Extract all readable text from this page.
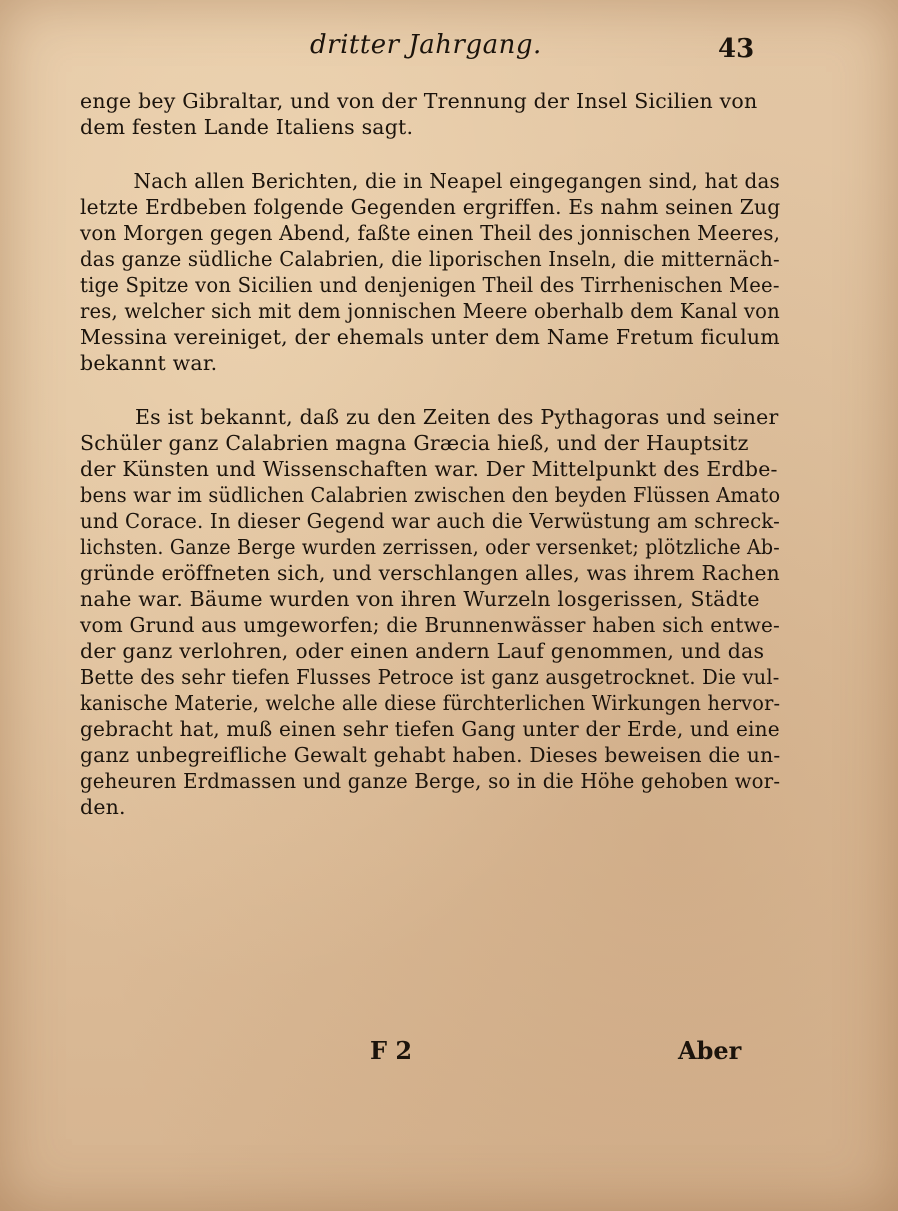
dritter Jahrgang.	43
enge bey Gibraltar, und von der Trennung der Insel Sicilien von
dem festen Lande Italiens sagt.
Nach allen Berichten, die in Neapel eingegangen sind, hat das
letzte Erdbeben folgende Gegenden ergriffen. Es nahm seinen Zug
von Morgen gegen Abend, faßte einen Theil des jonnischen Meeres,
das ganze südliche Calabrien, die liporischen Inseln, die mitternäch-
tige Spitze von Sicilien und denjenigen Theil des Tirrhenischen Mee-
res, welcher sich mit dem jonnischen Meere oberhalb dem Kanal von
Messina vereiniget, der ehemals unter dem Name Fretum ficulum
bekannt war.
Es ist bekannt, daß zu den Zeiten des Pythagoras und seiner
Schüler ganz Calabrien magna Græcia hieß, und der Hauptsitz
der Künsten und Wissenschaften war. Der Mittelpunkt des Erdbe-
bens war im südlichen Calabrien zwischen den beyden Flüssen Amato
und Corace. In dieser Gegend war auch die Verwüstung am schreck-
lichsten. Ganze Berge wurden zerrissen, oder versenket; plötzliche Ab-
gründe eröffneten sich, und verschlangen alles, was ihrem Rachen
nahe war. Bäume wurden von ihren Wurzeln losgerissen, Städte
vom Grund aus umgeworfen; die Brunnenwässer haben sich entwe-
der ganz verlohren, oder einen andern Lauf genommen, und das
Bette des sehr tiefen Flusses Petroce ist ganz ausgetrocknet. Die vul-
kanische Materie, welche alle diese fürchterlichen Wirkungen hervor-
gebracht hat, muß einen sehr tiefen Gang unter der Erde, und eine
ganz unbegreifliche Gewalt gehabt haben. Dieses beweisen die un-
geheuren Erdmassen und ganze Berge, so in die Höhe gehoben wor-
den.
F 2	Aber
